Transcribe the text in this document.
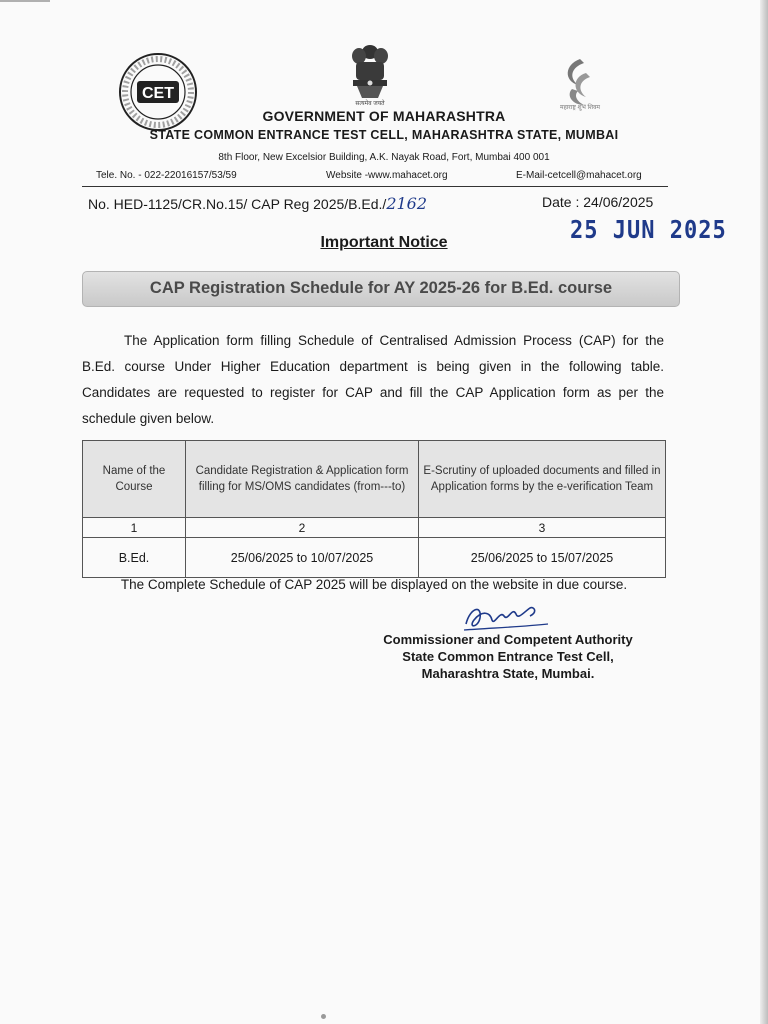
CET
सत्यमेव जयते
महाराष्ट्र शुभं शिवम
GOVERNMENT OF MAHARASHTRA
STATE COMMON ENTRANCE TEST CELL, MAHARASHTRA STATE, MUMBAI
8th Floor, New Excelsior Building, A.K. Nayak Road, Fort, Mumbai 400 001
Tele. No. - 022-22016157/53/59	Website -www.mahacet.org	E-Mail-cetcell@mahacet.org
No. HED-1125/CR.No.15/ CAP Reg 2025/B.Ed./2162	Date : 24/06/2025
25 JUN 2025
Important Notice
CAP Registration Schedule for AY 2025-26 for B.Ed. course
The Application form filling Schedule of Centralised Admission Process (CAP) for the B.Ed. course Under Higher Education department is being given in the following table. Candidates are requested to register for CAP and fill the CAP Application form as per the schedule given below.
Name of the Course	Candidate Registration & Application form filling for MS/OMS candidates (from---to)	E-Scrutiny of uploaded documents and filled in Application forms by the e-verification Team
1	2	3
B.Ed.	25/06/2025 to 10/07/2025	25/06/2025 to 15/07/2025
The Complete Schedule of CAP 2025 will be displayed on the website in due course.
Commissioner and Competent Authority
State Common Entrance Test Cell,
Maharashtra State, Mumbai.
